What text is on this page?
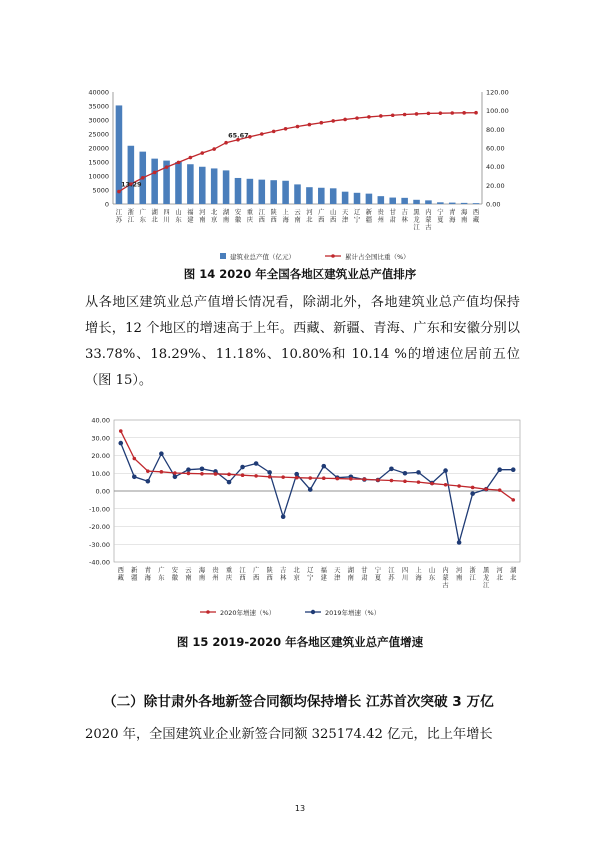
0
5000
10000
15000
20000
25000
30000
35000
40000
0.00
20.00
40.00
60.00
80.00
100.00
120.00
13.29
65.67
江苏
浙江
广东
湖北
四川
山东
福建
河南
北京
湖南
安徽
重庆
江西
陕西
上海
云南
河北
广西
山西
天津
辽宁
新疆
贵州
甘肃
吉林
黑龙江
内蒙古
宁夏
青海
海南
西藏
建筑业总产值（亿元）	累计占全国比重（%）
图 14 2020 年全国各地区建筑业总产值排序

从各地区建筑业总产值增长情况看，除湖北外，各地建筑业总产值均保持增长，12 个地区的增速高于上年。西藏、新疆、青海、广东和安徽分别以 33.78%、18.29%、11.18%、10.80%和 10.14 %的增速位居前五位（图 15）。

40.00
30.00
20.00
10.00
0.00
-10.00
-20.00
-30.00
-40.00
西藏
新疆
青海
广东
安徽
云南
海南
贵州
重庆
江西
广西
陕西
吉林
北京
辽宁
福建
天津
湖南
甘肃
宁夏
江苏
四川
上海
山东
内蒙古
河南
浙江
黑龙江
河北
湖北
2020年增速（%）	2019年增速（%）
图 15 2019-2020 年各地区建筑业总产值增速

（二）除甘肃外各地新签合同额均保持增长 江苏首次突破 3 万亿

2020 年，全国建筑业企业新签合同额 325174.42 亿元，比上年增长

13
